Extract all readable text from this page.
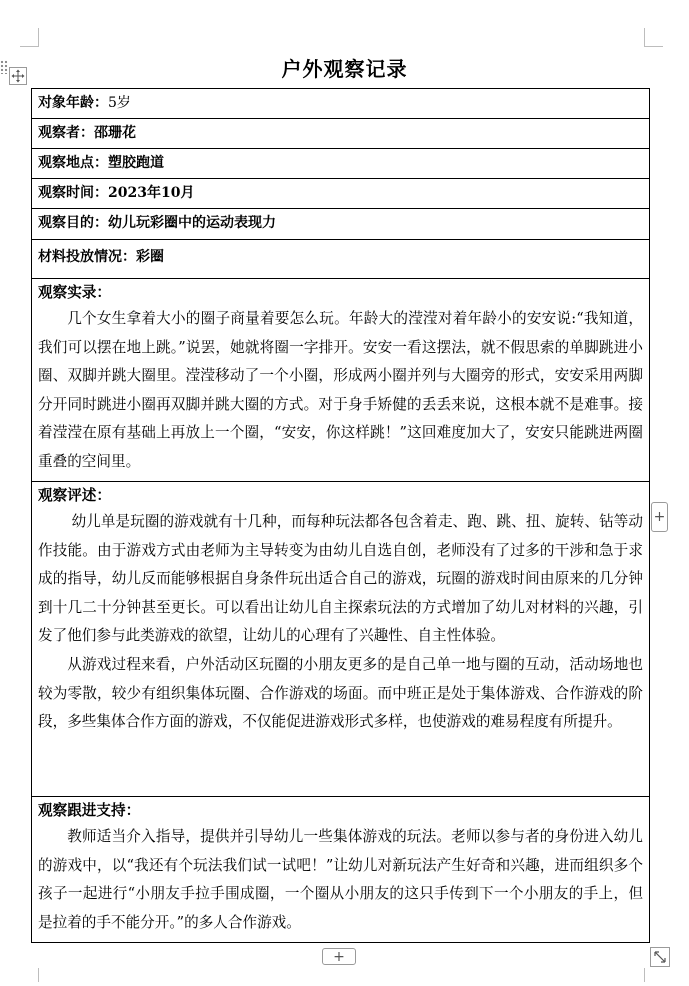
户外观察记录
对象年龄：5岁

观察者：邵珊花

观察地点：塑胶跑道

观察时间：2023年10月

观察目的：幼儿玩彩圈中的运动表现力

材料投放情况：彩圈

观察实录：
几个女生拿着大小的圈子商量着要怎么玩。年龄大的滢滢对着年龄小的安安说:“我知道，我们可以摆在地上跳。”说罢，她就将圈一字排开。安安一看这摆法，就不假思索的单脚跳进小圈、双脚并跳大圈里。滢滢移动了一个小圈，形成两小圈并列与大圈旁的形式，安安采用两脚分开同时跳进小圈再双脚并跳大圈的方式。对于身手矫健的丢丢来说，这根本就不是难事。接着滢滢在原有基础上再放上一个圈，“安安，你这样跳！”这回难度加大了，安安只能跳进两圈重叠的空间里。

观察评述：
幼儿单是玩圈的游戏就有十几种，而每种玩法都各包含着走、跑、跳、扭、旋转、钻等动作技能。由于游戏方式由老师为主导转变为由幼儿自选自创，老师没有了过多的干涉和急于求成的指导，幼儿反而能够根据自身条件玩出适合自己的游戏，玩圈的游戏时间由原来的几分钟到十几二十分钟甚至更长。可以看出让幼儿自主探索玩法的方式增加了幼儿对材料的兴趣，引发了他们参与此类游戏的欲望，让幼儿的心理有了兴趣性、自主性体验。
从游戏过程来看，户外活动区玩圈的小朋友更多的是自己单一地与圈的互动，活动场地也较为零散，较少有组织集体玩圈、合作游戏的场面。而中班正是处于集体游戏、合作游戏的阶段，多些集体合作方面的游戏，不仅能促进游戏形式多样，也使游戏的难易程度有所提升。

观察跟进支持：
教师适当介入指导，提供并引导幼儿一些集体游戏的玩法。老师以参与者的身份进入幼儿的游戏中，以“我还有个玩法我们试一试吧！”让幼儿对新玩法产生好奇和兴趣，进而组织多个孩子一起进行“小朋友手拉手围成圈，一个圈从小朋友的这只手传到下一个小朋友的手上，但是拉着的手不能分开。”的多人合作游戏。
+
+
